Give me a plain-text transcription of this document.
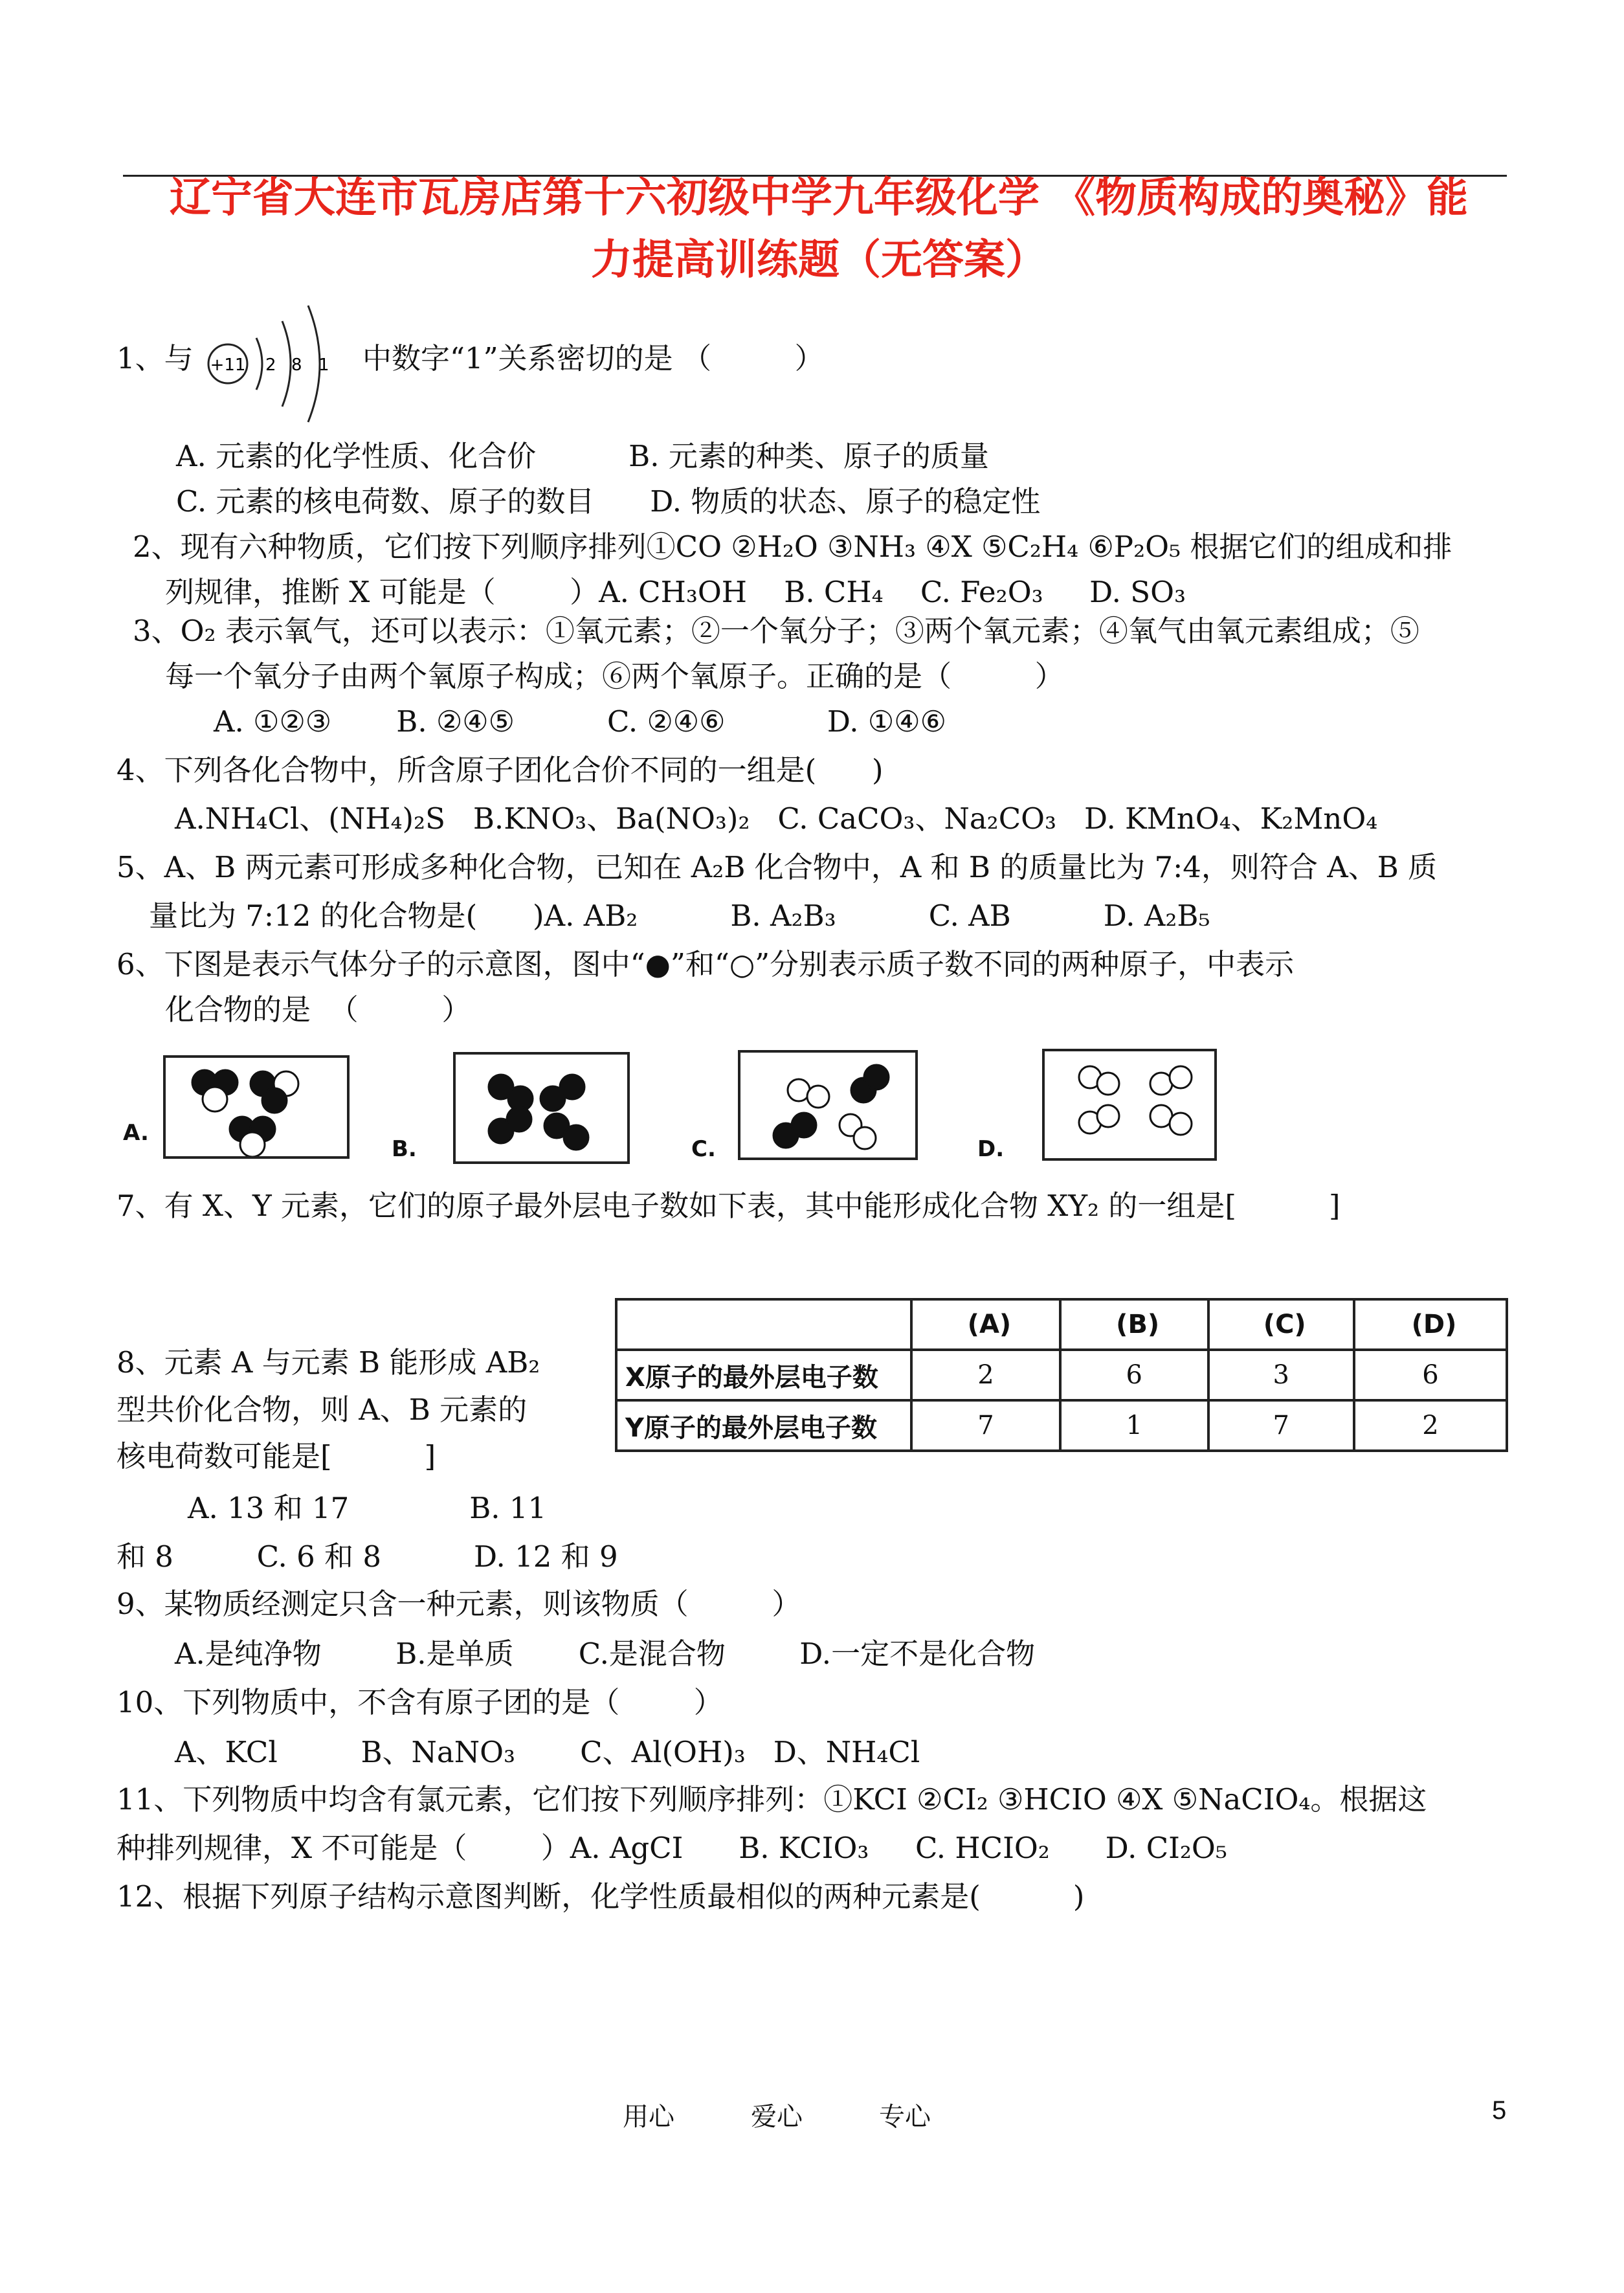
辽宁省大连市瓦房店第十六初级中学九年级化学 《物质构成的奥秘》能
力提高训练题（无答案）
1、与 +11 2 8 1 中数字“1”关系密切的是 （         ）
A. 元素的化学性质、化合价          B. 元素的种类、原子的质量
C. 元素的核电荷数、原子的数目      D. 物质的状态、原子的稳定性
2、现有六种物质，它们按下列顺序排列①CO ②H₂O ③NH₃ ④X ⑤C₂H₄ ⑥P₂O₅ 根据它们的组成和排
列规律，推断 X 可能是（        ）A. CH₃OH    B. CH₄    C. Fe₂O₃     D. SO₃
3、O₂ 表示氧气，还可以表示：①氧元素；②一个氧分子；③两个氧元素；④氧气由氧元素组成；⑤
每一个氧分子由两个氧原子构成；⑥两个氧原子。正确的是（         ）
A. ①②③       B. ②④⑤          C. ②④⑥           D. ①④⑥
4、下列各化合物中，所含原子团化合价不同的一组是(      )
A.NH₄Cl、(NH₄)₂S   B.KNO₃、Ba(NO₃)₂   C. CaCO₃、Na₂CO₃   D. KMnO₄、K₂MnO₄
5、A、B 两元素可形成多种化合物，已知在 A₂B 化合物中，A 和 B 的质量比为 7:4，则符合 A、B 质
量比为 7:12 的化合物是(      )A. AB₂          B. A₂B₃          C. AB          D. A₂B₅
6、下图是表示气体分子的示意图，图中“●”和“○”分别表示质子数不同的两种原子，中表示
化合物的是  （         ）
A.
B.	C.	D.
7、有 X、Y 元素，它们的原子最外层电子数如下表，其中能形成化合物 XY₂ 的一组是[          ]
	(A)	(B)	(C)	(D)
X原子的最外层电子数	2	6	3	6
Y原子的最外层电子数	7	1	7	2
8、元素 A 与元素 B 能形成 AB₂
型共价化合物，则 A、B 元素的
核电荷数可能是[          ]
A. 13 和 17             B. 11
和 8         C. 6 和 8          D. 12 和 9
9、某物质经测定只含一种元素，则该物质（         ）
A.是纯净物        B.是单质       C.是混合物        D.一定不是化合物
10、下列物质中，不含有原子团的是（        ）
A、KCl         B、NaNO₃       C、Al(OH)₃   D、NH₄Cl
11、下列物质中均含有氯元素，它们按下列顺序排列：①KCI ②CI₂ ③HCIO ④X ⑤NaCIO₄。根据这
种排列规律，X 不可能是（        ）A. AgCI      B. KCIO₃     C. HCIO₂      D. CI₂O₅
12、根据下列原子结构示意图判断，化学性质最相似的两种元素是(          )
用心	爱心	专心	5
